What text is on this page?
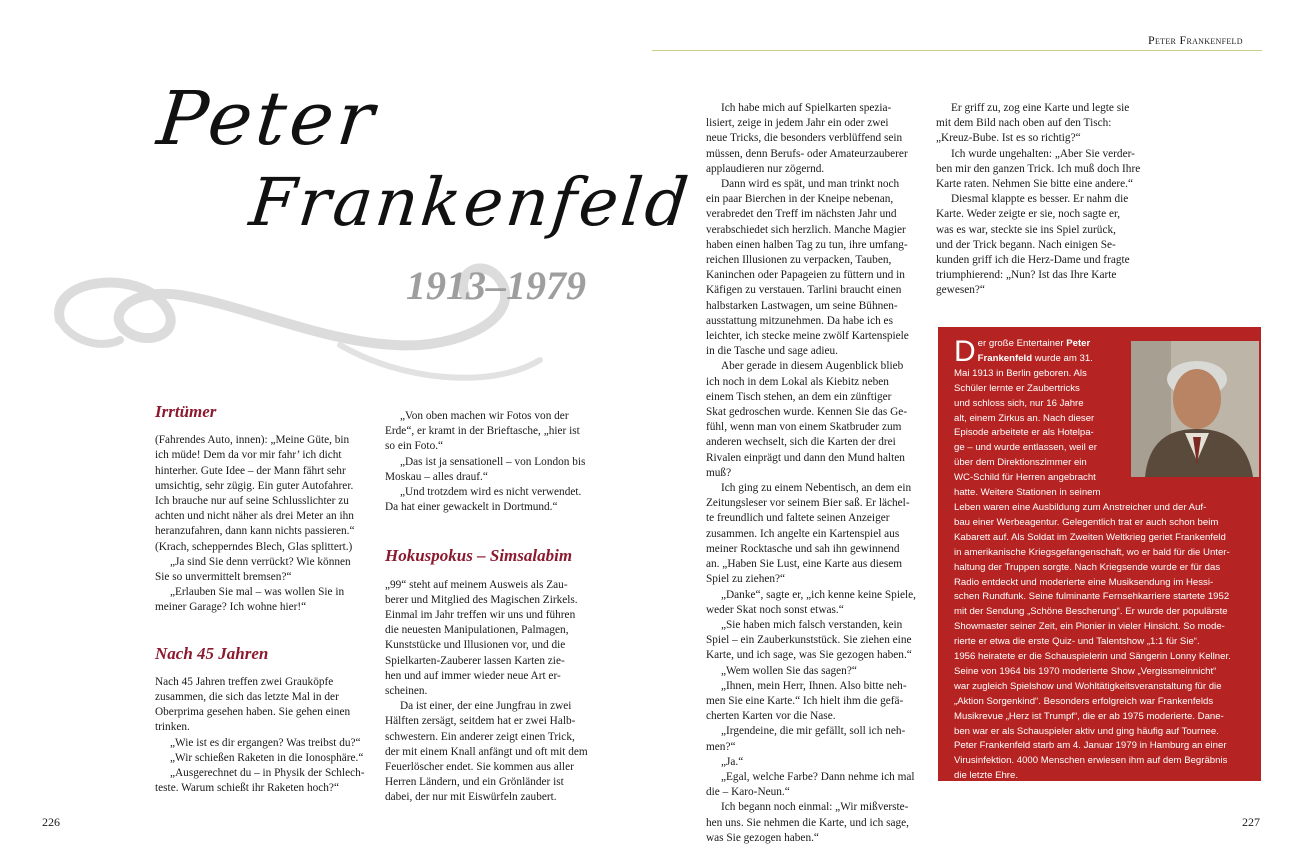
Peter Frankenfeld
Peter
Frankenfeld
1913–1979

Irrtümer

(Fahrendes Auto, innen): „Meine Güte, bin
ich müde! Dem da vor mir fahr’ ich dicht
hinterher. Gute Idee – der Mann fährt sehr
umsichtig, sehr zügig. Ein guter Autofahrer.
Ich brauche nur auf seine Schlusslichter zu
achten und nicht näher als drei Meter an ihn
heranzufahren, dann kann nichts passieren.“
(Krach, schepperndes Blech, Glas splittert.)

„Ja sind Sie denn verrückt? Wie können
Sie so unvermittelt bremsen?“

„Erlauben Sie mal – was wollen Sie in
meiner Garage? Ich wohne hier!“

Nach 45 Jahren

Nach 45 Jahren treffen zwei Grauköpfe
zusammen, die sich das letzte Mal in der
Oberprima gesehen haben. Sie gehen einen
trinken.

„Wie ist es dir ergangen? Was treibst du?“

„Wir schießen Raketen in die Ionosphäre.“

„Ausgerechnet du – in Physik der Schlech-
teste. Warum schießt ihr Raketen hoch?“

„Von oben machen wir Fotos von der
Erde“, er kramt in der Brieftasche, „hier ist
so ein Foto.“

„Das ist ja sensationell – von London bis
Moskau – alles drauf.“

„Und trotzdem wird es nicht verwendet.
Da hat einer gewackelt in Dortmund.“

Hokuspokus – Simsalabim

„99“ steht auf meinem Ausweis als Zau-
berer und Mitglied des Magischen Zirkels.
Einmal im Jahr treffen wir uns und führen
die neuesten Manipulationen, Palmagen,
Kunststücke und Illusionen vor, und die
Spielkarten-Zauberer lassen Karten zie-
hen und auf immer wieder neue Art er-
scheinen.

Da ist einer, der eine Jungfrau in zwei
Hälften zersägt, seitdem hat er zwei Halb-
schwestern. Ein anderer zeigt einen Trick,
der mit einem Knall anfängt und oft mit dem
Feuerlöscher endet. Sie kommen aus aller
Herren Ländern, und ein Grönländer ist
dabei, der nur mit Eiswürfeln zaubert.

Ich habe mich auf Spielkarten spezia-
lisiert, zeige in jedem Jahr ein oder zwei
neue Tricks, die besonders verblüffend sein
müssen, denn Berufs- oder Amateurzauberer
applaudieren nur zögernd.

Dann wird es spät, und man trinkt noch
ein paar Bierchen in der Kneipe nebenan,
verabredet den Treff im nächsten Jahr und
verabschiedet sich herzlich. Manche Magier
haben einen halben Tag zu tun, ihre umfang-
reichen Illusionen zu verpacken, Tauben,
Kaninchen oder Papageien zu füttern und in
Käfigen zu verstauen. Tarlini braucht einen
halbstarken Lastwagen, um seine Bühnen-
ausstattung mitzunehmen. Da habe ich es
leichter, ich stecke meine zwölf Kartenspiele
in die Tasche und sage adieu.

Aber gerade in diesem Augenblick blieb
ich noch in dem Lokal als Kiebitz neben
einem Tisch stehen, an dem ein zünftiger
Skat gedroschen wurde. Kennen Sie das Ge-
fühl, wenn man von einem Skatbruder zum
anderen wechselt, sich die Karten der drei
Rivalen einprägt und dann den Mund halten
muß?

Ich ging zu einem Nebentisch, an dem ein
Zeitungsleser vor seinem Bier saß. Er lächel-
te freundlich und faltete seinen Anzeiger
zusammen. Ich angelte ein Kartenspiel aus
meiner Rocktasche und sah ihn gewinnend
an. „Haben Sie Lust, eine Karte aus diesem
Spiel zu ziehen?“

„Danke“, sagte er, „ich kenne keine Spiele,
weder Skat noch sonst etwas.“

„Sie haben mich falsch verstanden, kein
Spiel – ein Zauberkunststück. Sie ziehen eine
Karte, und ich sage, was Sie gezogen haben.“

„Wem wollen Sie das sagen?“

„Ihnen, mein Herr, Ihnen. Also bitte neh-
men Sie eine Karte.“ Ich hielt ihm die gefä-
cherten Karten vor die Nase.

„Irgendeine, die mir gefällt, soll ich neh-
men?“

„Ja.“

„Egal, welche Farbe? Dann nehme ich mal
die – Karo-Neun.“

Ich begann noch einmal: „Wir mißverste-
hen uns. Sie nehmen die Karte, und ich sage,
was Sie gezogen haben.“

Er griff zu, zog eine Karte und legte sie
mit dem Bild nach oben auf den Tisch:
„Kreuz-Bube. Ist es so richtig?“

Ich wurde ungehalten: „Aber Sie verder-
ben mir den ganzen Trick. Ich muß doch Ihre
Karte raten. Nehmen Sie bitte eine andere.“

Diesmal klappte es besser. Er nahm die
Karte. Weder zeigte er sie, noch sagte er,
was es war, steckte sie ins Spiel zurück,
und der Trick begann. Nach einigen Se-
kunden griff ich die Herz-Dame und fragte
triumphierend: „Nun? Ist das Ihre Karte
gewesen?“

D er große Entertainer Peter
Frankenfeld wurde am 31.
Mai 1913 in Berlin geboren. Als
Schüler lernte er Zaubertricks
und schloss sich, nur 16 Jahre
alt, einem Zirkus an. Nach dieser
Episode arbeitete er als Hotelpa-
ge – und wurde entlassen, weil er
über dem Direktionszimmer ein
WC-Schild für Herren angebracht
hatte. Weitere Stationen in seinem
Leben waren eine Ausbildung zum Anstreicher und der Auf-
bau einer Werbeagentur. Gelegentlich trat er auch schon beim
Kabarett auf. Als Soldat im Zweiten Weltkrieg geriet Frankenfeld
in amerikanische Kriegsgefangenschaft, wo er bald für die Unter-
haltung der Truppen sorgte. Nach Kriegsende wurde er für das
Radio entdeckt und moderierte eine Musiksendung im Hessi-
schen Rundfunk. Seine fulminante Fernsehkarriere startete 1952
mit der Sendung „Schöne Bescherung“. Er wurde der populärste
Showmaster seiner Zeit, ein Pionier in vieler Hinsicht. So mode-
rierte er etwa die erste Quiz- und Talentshow „1:1 für Sie“.
1956 heiratete er die Schauspielerin und Sängerin Lonny Kellner.
Seine von 1964 bis 1970 moderierte Show „Vergissmeinnicht“
war zugleich Spielshow und Wohltätigkeitsveranstaltung für die
„Aktion Sorgenkind“. Besonders erfolgreich war Frankenfelds
Musikrevue „Herz ist Trumpf“, die er ab 1975 moderierte. Dane-
ben war er als Schauspieler aktiv und ging häufig auf Tournee.
Peter Frankenfeld starb am 4. Januar 1979 in Hamburg an einer
Virusinfektion. 4000 Menschen erwiesen ihm auf dem Begräbnis
die letzte Ehre.

226	227
